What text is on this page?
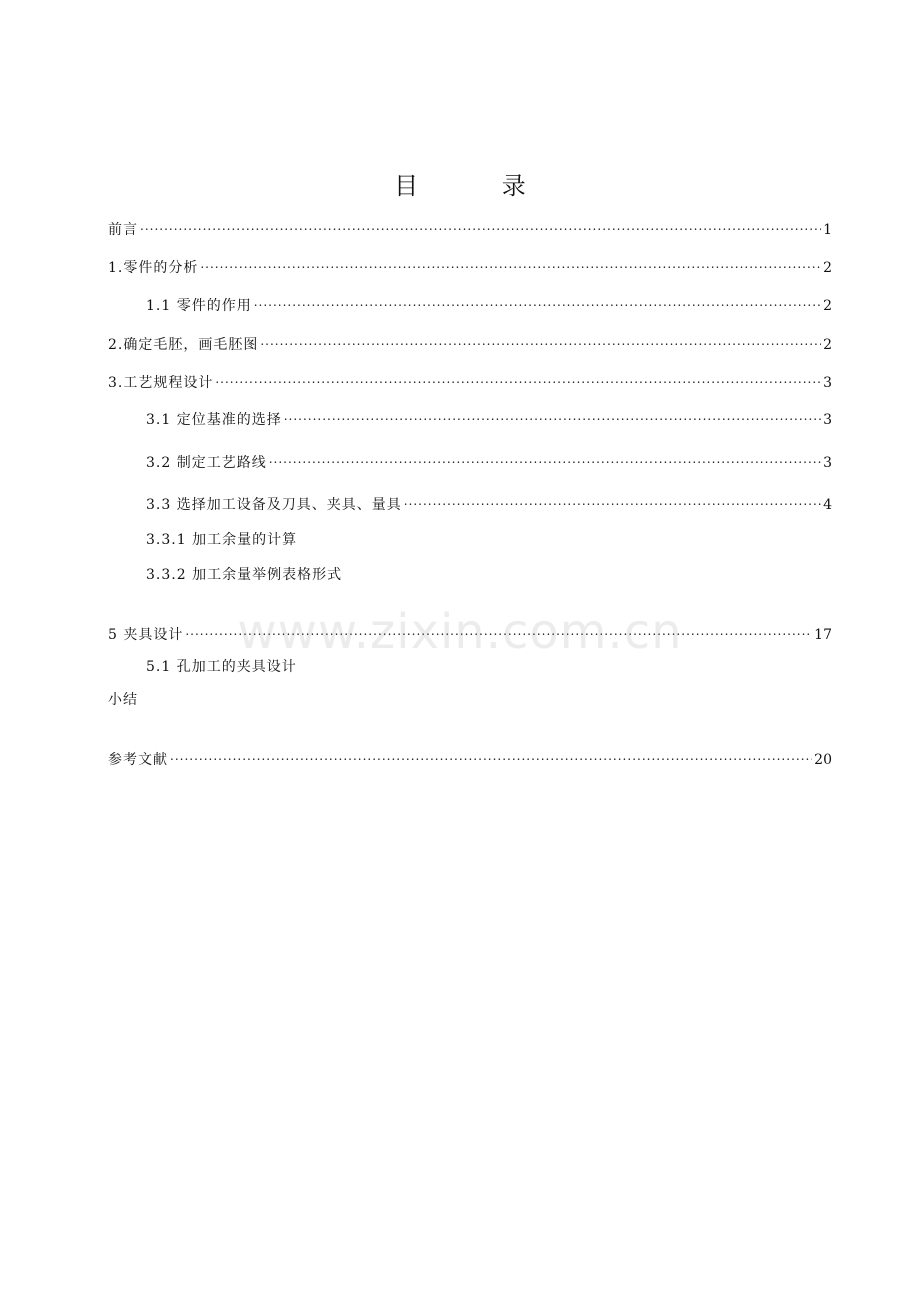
目 录
前言 .....	1
1.零件的分析 .....	2
1.1 零件的作用 .....	2
2.确定毛胚，画毛胚图 .....	2
3.工艺规程设计 .....	3
3.1 定位基准的选择 .....	3
3.2 制定工艺路线 .....	3
3.3 选择加工设备及刀具、夹具、量具 .....	4
3.3.1 加工余量的计算
3.3.2 加工余量举例表格形式
5 夹具设计 .....	17
5.1 孔加工的夹具设计
小结
参考文献 .....	20
www.zixin.com.cn
